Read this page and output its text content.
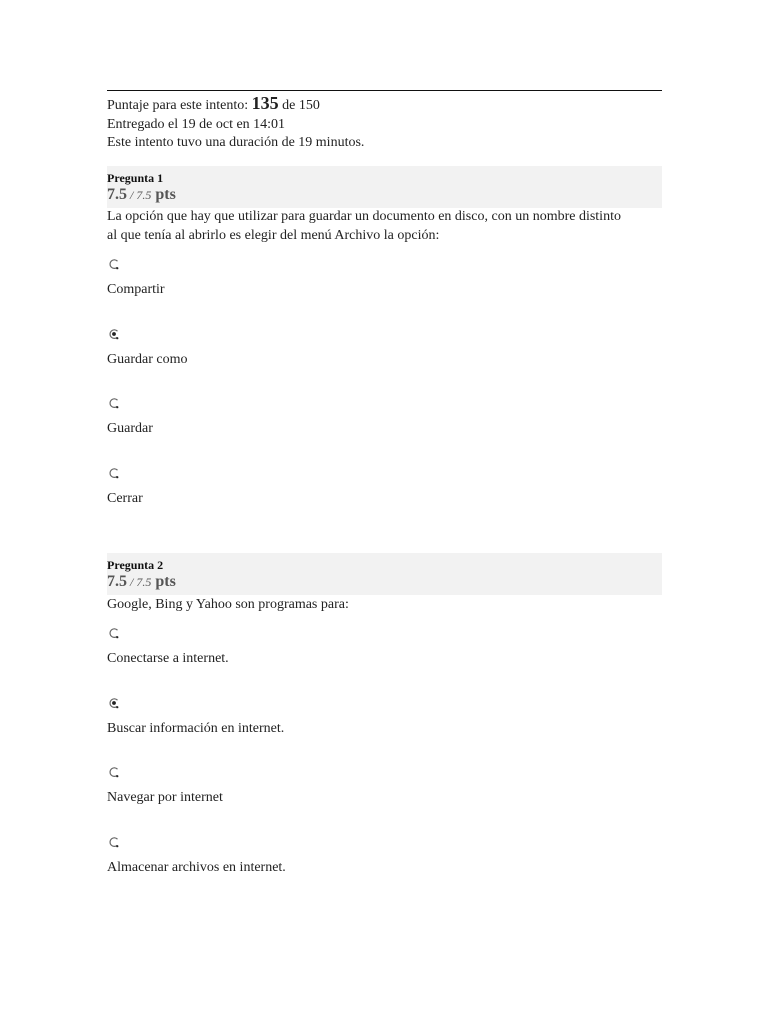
Puntaje para este intento: 135 de 150
Entregado el 19 de oct en 14:01
Este intento tuvo una duración de 19 minutos.
Pregunta 1
7.5 / 7.5 pts
La opción que hay que utilizar para guardar un documento en disco, con un nombre distinto
al que tenía al abrirlo es elegir del menú Archivo la opción:
Compartir
Guardar como
Guardar
Cerrar
Pregunta 2
7.5 / 7.5 pts
Google, Bing y Yahoo son programas para:
Conectarse a internet.
Buscar información en internet.
Navegar por internet
Almacenar archivos en internet.
